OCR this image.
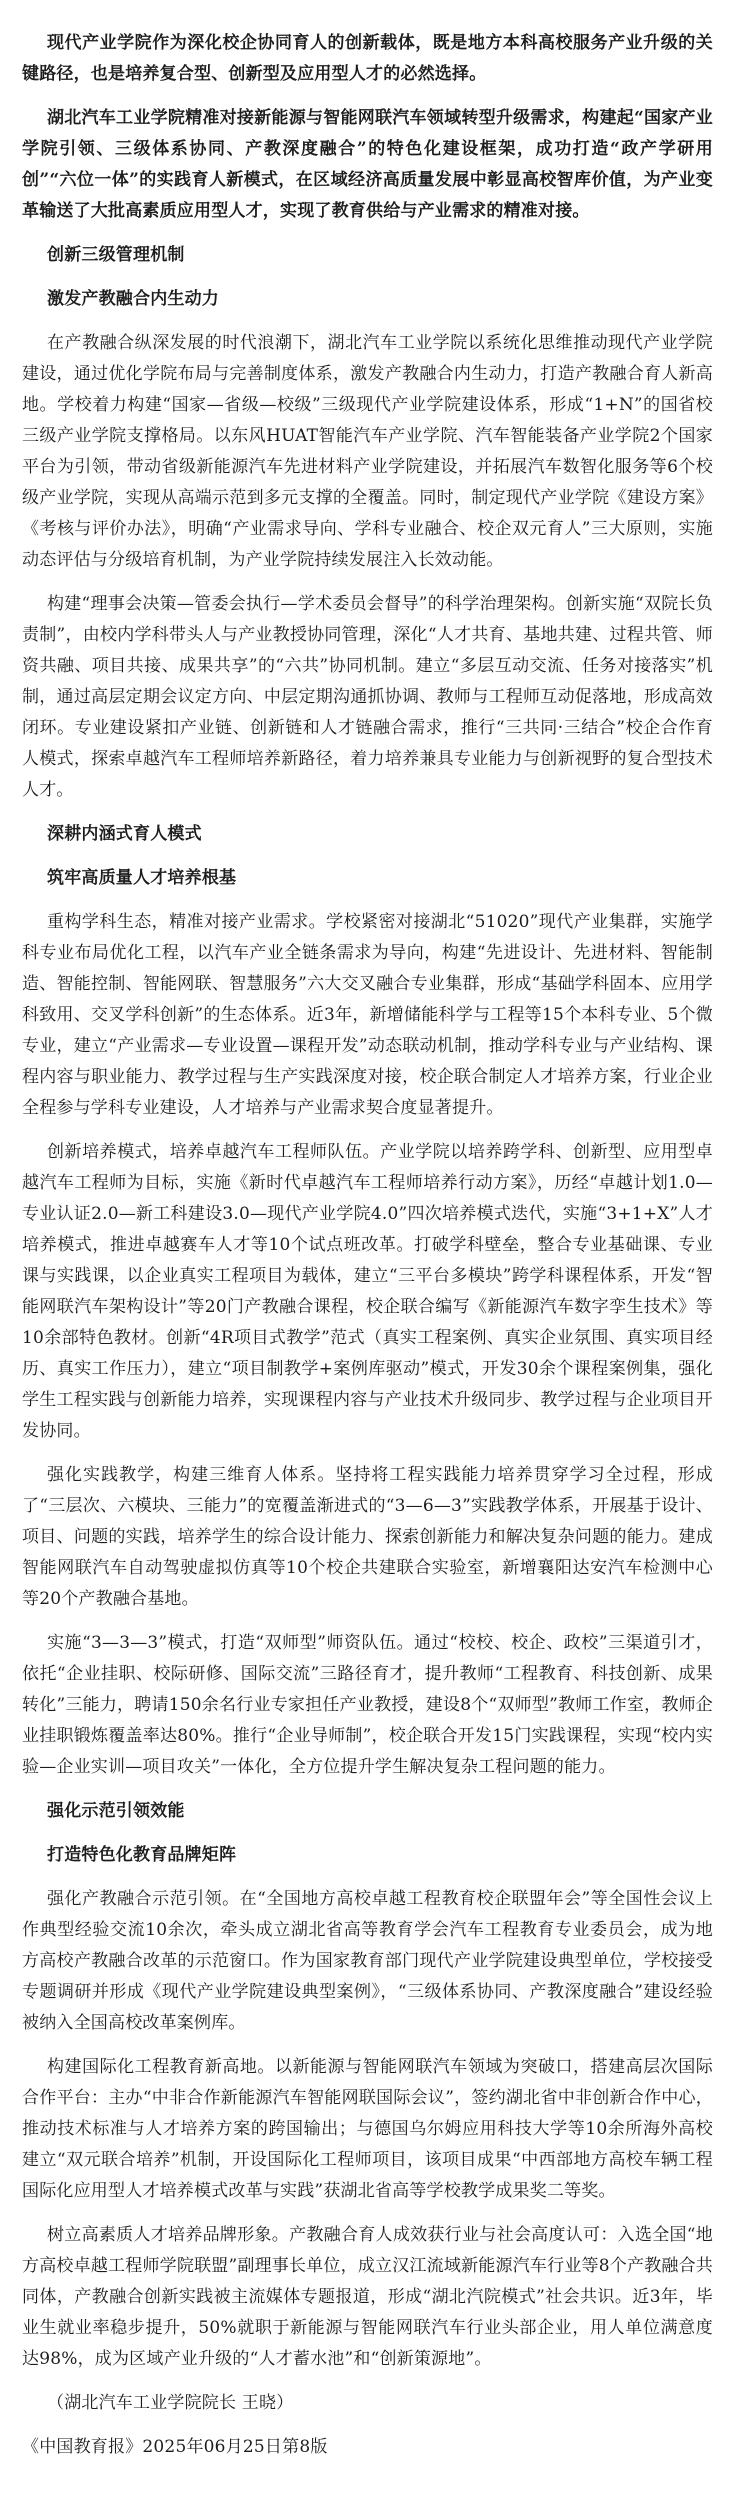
现代产业学院作为深化校企协同育人的创新载体，既是地方本科高校服务产业升级的关键路径，也是培养复合型、创新型及应用型人才的必然选择。

湖北汽车工业学院精准对接新能源与智能网联汽车领域转型升级需求，构建起“国家产业学院引领、三级体系协同、产教深度融合”的特色化建设框架，成功打造“政产学研用创”“六位一体”的实践育人新模式，在区域经济高质量发展中彰显高校智库价值，为产业变革输送了大批高素质应用型人才，实现了教育供给与产业需求的精准对接。

创新三级管理机制

激发产教融合内生动力

在产教融合纵深发展的时代浪潮下，湖北汽车工业学院以系统化思维推动现代产业学院建设，通过优化学院布局与完善制度体系，激发产教融合内生动力，打造产教融合育人新高地。学校着力构建“国家—省级—校级”三级现代产业学院建设体系，形成“1+N”的国省校三级产业学院支撑格局。以东风HUAT智能汽车产业学院、汽车智能装备产业学院2个国家平台为引领，带动省级新能源汽车先进材料产业学院建设，并拓展汽车数智化服务等6个校级产业学院，实现从高端示范到多元支撑的全覆盖。同时，制定现代产业学院《建设方案》《考核与评价办法》，明确“产业需求导向、学科专业融合、校企双元育人”三大原则，实施动态评估与分级培育机制，为产业学院持续发展注入长效动能。

构建“理事会决策—管委会执行—学术委员会督导”的科学治理架构。创新实施“双院长负责制”，由校内学科带头人与产业教授协同管理，深化“人才共育、基地共建、过程共管、师资共融、项目共接、成果共享”的“六共”协同机制。建立“多层互动交流、任务对接落实”机制，通过高层定期会议定方向、中层定期沟通抓协调、教师与工程师互动促落地，形成高效闭环。专业建设紧扣产业链、创新链和人才链融合需求，推行“三共同·三结合”校企合作育人模式，探索卓越汽车工程师培养新路径，着力培养兼具专业能力与创新视野的复合型技术人才。

深耕内涵式育人模式

筑牢高质量人才培养根基

重构学科生态，精准对接产业需求。学校紧密对接湖北“51020”现代产业集群，实施学科专业布局优化工程，以汽车产业全链条需求为导向，构建“先进设计、先进材料、智能制造、智能控制、智能网联、智慧服务”六大交叉融合专业集群，形成“基础学科固本、应用学科致用、交叉学科创新”的生态体系。近3年，新增储能科学与工程等15个本科专业、5个微专业，建立“产业需求—专业设置—课程开发”动态联动机制，推动学科专业与产业结构、课程内容与职业能力、教学过程与生产实践深度对接，校企联合制定人才培养方案，行业企业全程参与学科专业建设，人才培养与产业需求契合度显著提升。

创新培养模式，培养卓越汽车工程师队伍。产业学院以培养跨学科、创新型、应用型卓越汽车工程师为目标，实施《新时代卓越汽车工程师培养行动方案》，历经“卓越计划1.0—专业认证2.0—新工科建设3.0—现代产业学院4.0”四次培养模式迭代，实施“3+1+X”人才培养模式，推进卓越赛车人才等10个试点班改革。打破学科壁垒，整合专业基础课、专业课与实践课，以企业真实工程项目为载体，建立“三平台多模块”跨学科课程体系，开发“智能网联汽车架构设计”等20门产教融合课程，校企联合编写《新能源汽车数字孪生技术》等10余部特色教材。创新“4R项目式教学”范式（真实工程案例、真实企业氛围、真实项目经历、真实工作压力），建立“项目制教学+案例库驱动”模式，开发30余个课程案例集，强化学生工程实践与创新能力培养，实现课程内容与产业技术升级同步、教学过程与企业项目开发协同。

强化实践教学，构建三维育人体系。坚持将工程实践能力培养贯穿学习全过程，形成了“三层次、六模块、三能力”的宽覆盖渐进式的“3—6—3”实践教学体系，开展基于设计、项目、问题的实践，培养学生的综合设计能力、探索创新能力和解决复杂问题的能力。建成智能网联汽车自动驾驶虚拟仿真等10个校企共建联合实验室，新增襄阳达安汽车检测中心等20个产教融合基地。

实施“3—3—3”模式，打造“双师型”师资队伍。通过“校校、校企、政校”三渠道引才，依托“企业挂职、校际研修、国际交流”三路径育才，提升教师“工程教育、科技创新、成果转化”三能力，聘请150余名行业专家担任产业教授，建设8个“双师型”教师工作室，教师企业挂职锻炼覆盖率达80%。推行“企业导师制”，校企联合开发15门实践课程，实现“校内实验—企业实训—项目攻关”一体化，全方位提升学生解决复杂工程问题的能力。

强化示范引领效能

打造特色化教育品牌矩阵

强化产教融合示范引领。在“全国地方高校卓越工程教育校企联盟年会”等全国性会议上作典型经验交流10余次，牵头成立湖北省高等教育学会汽车工程教育专业委员会，成为地方高校产教融合改革的示范窗口。作为国家教育部门现代产业学院建设典型单位，学校接受专题调研并形成《现代产业学院建设典型案例》，“三级体系协同、产教深度融合”建设经验被纳入全国高校改革案例库。

构建国际化工程教育新高地。以新能源与智能网联汽车领域为突破口，搭建高层次国际合作平台：主办“中非合作新能源汽车智能网联国际会议”，签约湖北省中非创新合作中心，推动技术标准与人才培养方案的跨国输出；与德国乌尔姆应用科技大学等10余所海外高校建立“双元联合培养”机制，开设国际化工程师项目，该项目成果“中西部地方高校车辆工程国际化应用型人才培养模式改革与实践”获湖北省高等学校教学成果奖二等奖。

树立高素质人才培养品牌形象。产教融合育人成效获行业与社会高度认可：入选全国“地方高校卓越工程师学院联盟”副理事长单位，成立汉江流域新能源汽车行业等8个产教融合共同体，产教融合创新实践被主流媒体专题报道，形成“湖北汽院模式”社会共识。近3年，毕业生就业率稳步提升，50%就职于新能源与智能网联汽车行业头部企业，用人单位满意度达98%，成为区域产业升级的“人才蓄水池”和“创新策源地”。

（湖北汽车工业学院院长 王晓）

《中国教育报》2025年06月25日第8版
